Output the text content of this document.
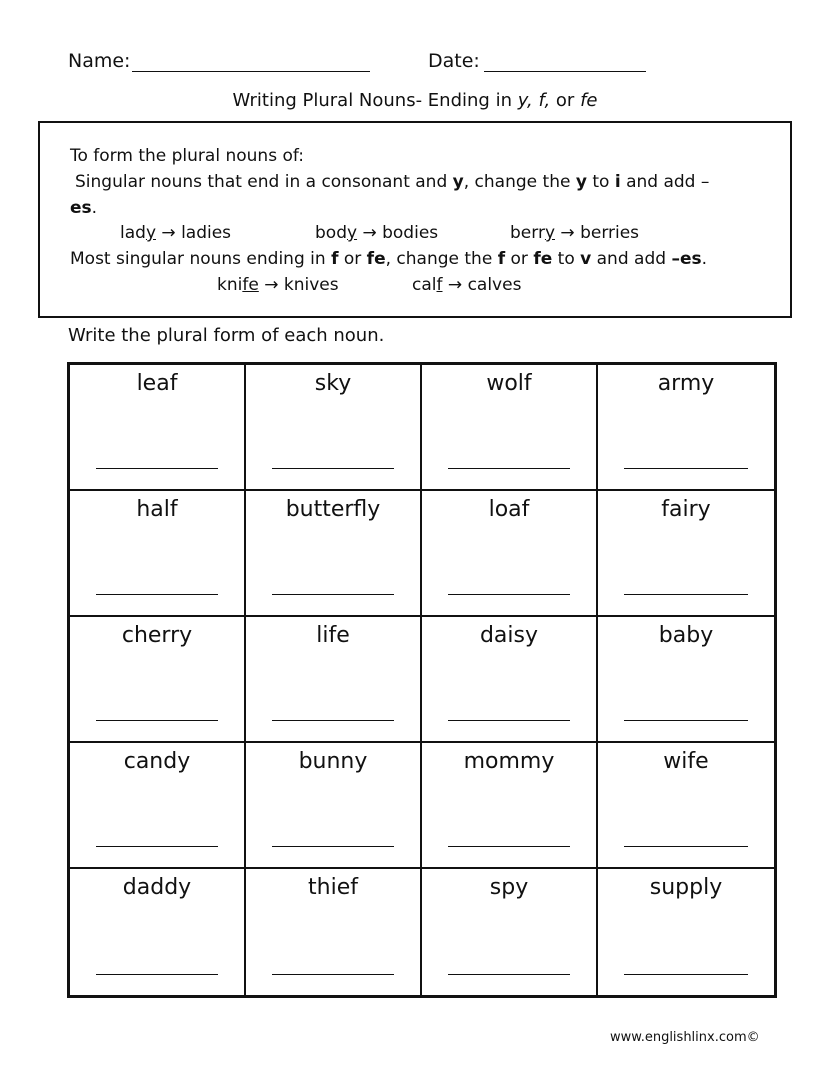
Name:	Date:
Writing Plural Nouns- Ending in y, f, or fe
To form the plural nouns of:
Singular nouns that end in a consonant and y, change the y to i and add –
es.
lady → ladies	body → bodies	berry → berries
Most singular nouns ending in f or fe, change the f or fe to v and add –es.
knife → knives	calf → calves
Write the plural form of each noun.
leaf	sky	wolf	army
half	butterfly	loaf	fairy
cherry	life	daisy	baby
candy	bunny	mommy	wife
daddy	thief	spy	supply
www.englishlinx.com©
